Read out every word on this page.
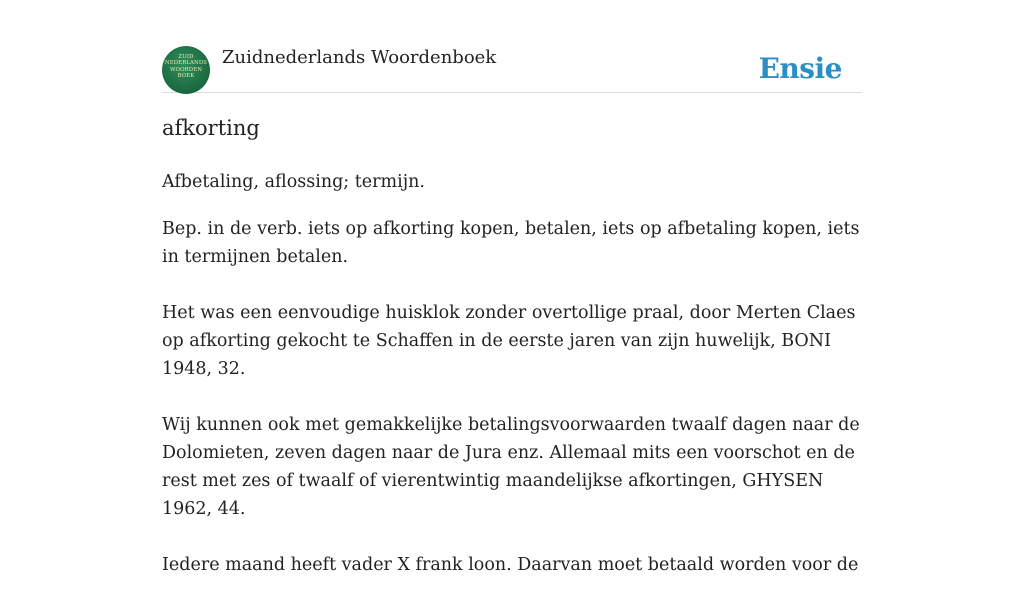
ZUID
NEDERLANDS
WOORDEN
BOEK
Zuidnederlands Woordenboek	Ensie
afkorting

Afbetaling, aflossing; termijn.

Bep. in de verb. iets op afkorting kopen, betalen, iets op afbetaling kopen, iets in termijnen betalen.

Het was een eenvoudige huisklok zonder overtollige praal, door Merten Claes op afkorting gekocht te Schaffen in de eerste jaren van zijn huwelijk, BONI 1948, 32.

Wij kunnen ook met gemakkelijke betalingsvoorwaarden twaalf dagen naar de Dolomieten, zeven dagen naar de Jura enz. Allemaal mits een voorschot en de rest met zes of twaalf of vierentwintig maandelijkse afkortingen, GHYSEN 1962, 44.

Iedere maand heeft vader X frank loon. Daarvan moet betaald worden voor de
